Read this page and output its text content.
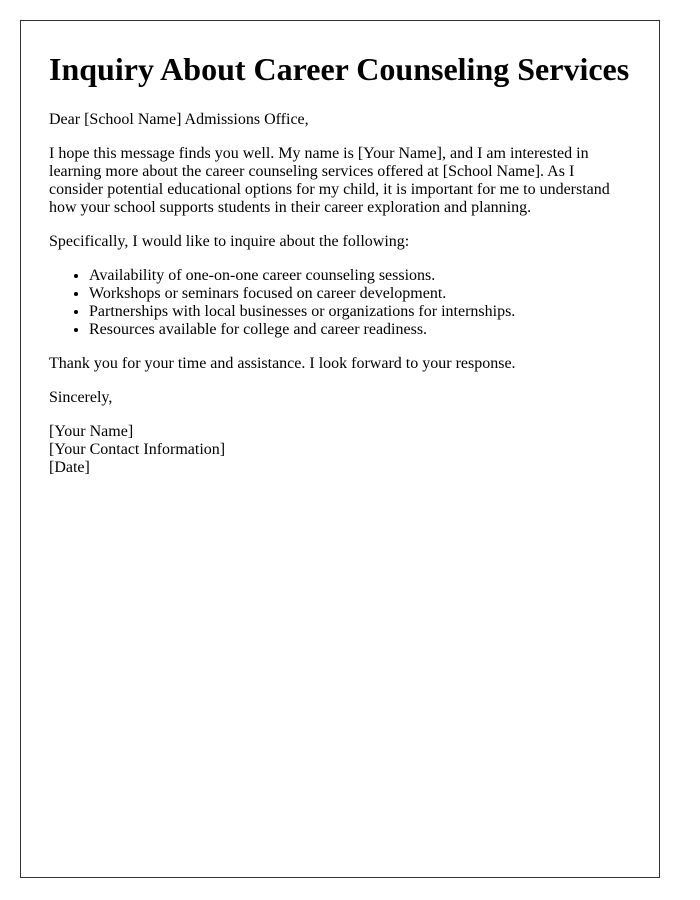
Inquiry About Career Counseling Services

Dear [School Name] Admissions Office,

I hope this message finds you well. My name is [Your Name], and I am interested in learning more about the career counseling services offered at [School Name]. As I consider potential educational options for my child, it is important for me to understand how your school supports students in their career exploration and planning.

Specifically, I would like to inquire about the following:

• Availability of one-on-one career counseling sessions.
• Workshops or seminars focused on career development.
• Partnerships with local businesses or organizations for internships.
• Resources available for college and career readiness.

Thank you for your time and assistance. I look forward to your response.

Sincerely,

[Your Name]
[Your Contact Information]
[Date]
